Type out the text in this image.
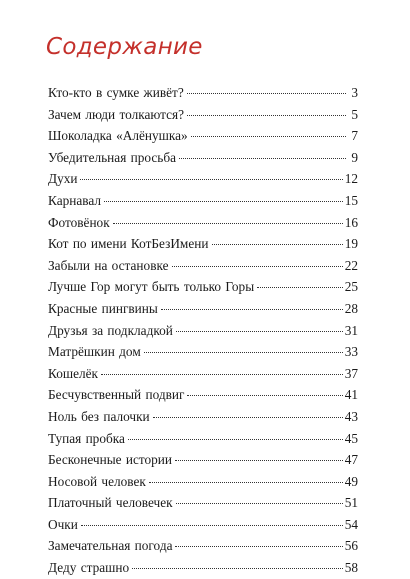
Содержание
Кто-кто в сумке живёт?	3
Зачем люди толкаются?	5
Шоколадка «Алёнушка»	7
Убедительная просьба	9
Духи	12
Карнавал	15
Фотовёнок	16
Кот по имени КотБезИмени	19
Забыли на остановке	22
Лучше Гор могут быть только Горы	25
Красные пингвины	28
Друзья за подкладкой	31
Матрёшкин дом	33
Кошелёк	37
Бесчувственный подвиг	41
Ноль без палочки	43
Тупая пробка	45
Бесконечные истории	47
Носовой человек	49
Платочный человечек	51
Очки	54
Замечательная погода	56
Деду страшно	58
